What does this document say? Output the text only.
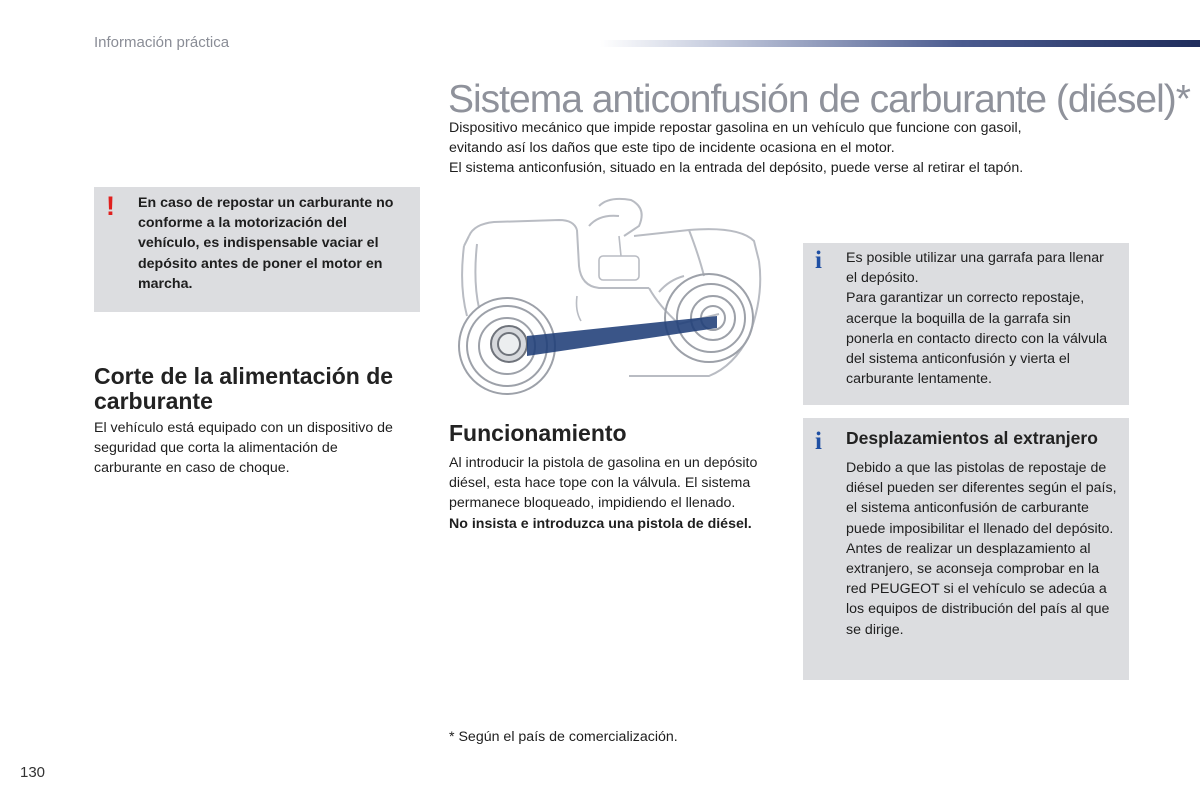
Información práctica
Sistema anticonfusión de carburante (diésel)*

Dispositivo mecánico que impide repostar gasolina en un vehículo que funcione con gasoil,

evitando así los daños que este tipo de incidente ocasiona en el motor.

El sistema anticonfusión, situado en la entrada del depósito, puede verse al retirar el tapón.

! En caso de repostar un carburante no conforme a la motorización del vehículo, es indispensable vaciar el depósito antes de poner el motor en marcha.
Corte de la alimentación de carburante

El vehículo está equipado con un dispositivo de seguridad que corta la alimentación de carburante en caso de choque.

Funcionamiento
Al introducir la pistola de gasolina en un depósito diésel, esta hace tope con la válvula. El sistema permanece bloqueado, impidiendo el llenado.
No insista e introduzca una pistola de diésel.
i Es posible utilizar una garrafa para llenar el depósito.
Para garantizar un correcto repostaje, acerque la boquilla de la garrafa sin ponerla en contacto directo con la válvula del sistema anticonfusión y vierta el carburante lentamente.
i Desplazamientos al extranjero
Debido a que las pistolas de repostaje de diésel pueden ser diferentes según el país, el sistema anticonfusión de carburante puede imposibilitar el llenado del depósito.
Antes de realizar un desplazamiento al extranjero, se aconseja comprobar en la red PEUGEOT si el vehículo se adecúa a los equipos de distribución del país al que se dirige.
* Según el país de comercialización.
130
